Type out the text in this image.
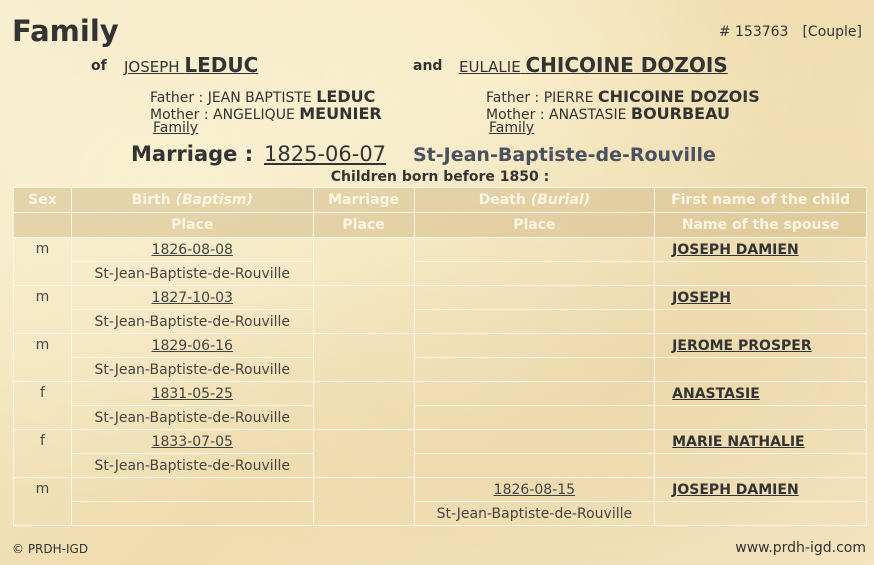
Family	# 153763 [Couple]
of JOSEPH LEDUC	and EULALIE CHICOINE DOZOIS
Father : JEAN BAPTISTE LEDUC
Mother : ANGELIQUE MEUNIER
Family
Father : PIERRE CHICOINE DOZOIS
Mother : ANASTASIE BOURBEAU
Family
Marriage : 1825-06-07 St-Jean-Baptiste-de-Rouville
Children born before 1850 :
Sex	Birth (Baptism)	Marriage	Death (Burial)	First name of the child
	Place	Place	Place	Name of the spouse
m	1826-08-08			JOSEPH DAMIEN
	St-Jean-Baptiste-de-Rouville			
m	1827-10-03			JOSEPH
	St-Jean-Baptiste-de-Rouville			
m	1829-06-16			JEROME PROSPER
	St-Jean-Baptiste-de-Rouville			
f	1831-05-25			ANASTASIE
	St-Jean-Baptiste-de-Rouville			
f	1833-07-05			MARIE NATHALIE
	St-Jean-Baptiste-de-Rouville			
m			1826-08-15	JOSEPH DAMIEN
			St-Jean-Baptiste-de-Rouville	
© PRDH-IGD	www.prdh-igd.com
